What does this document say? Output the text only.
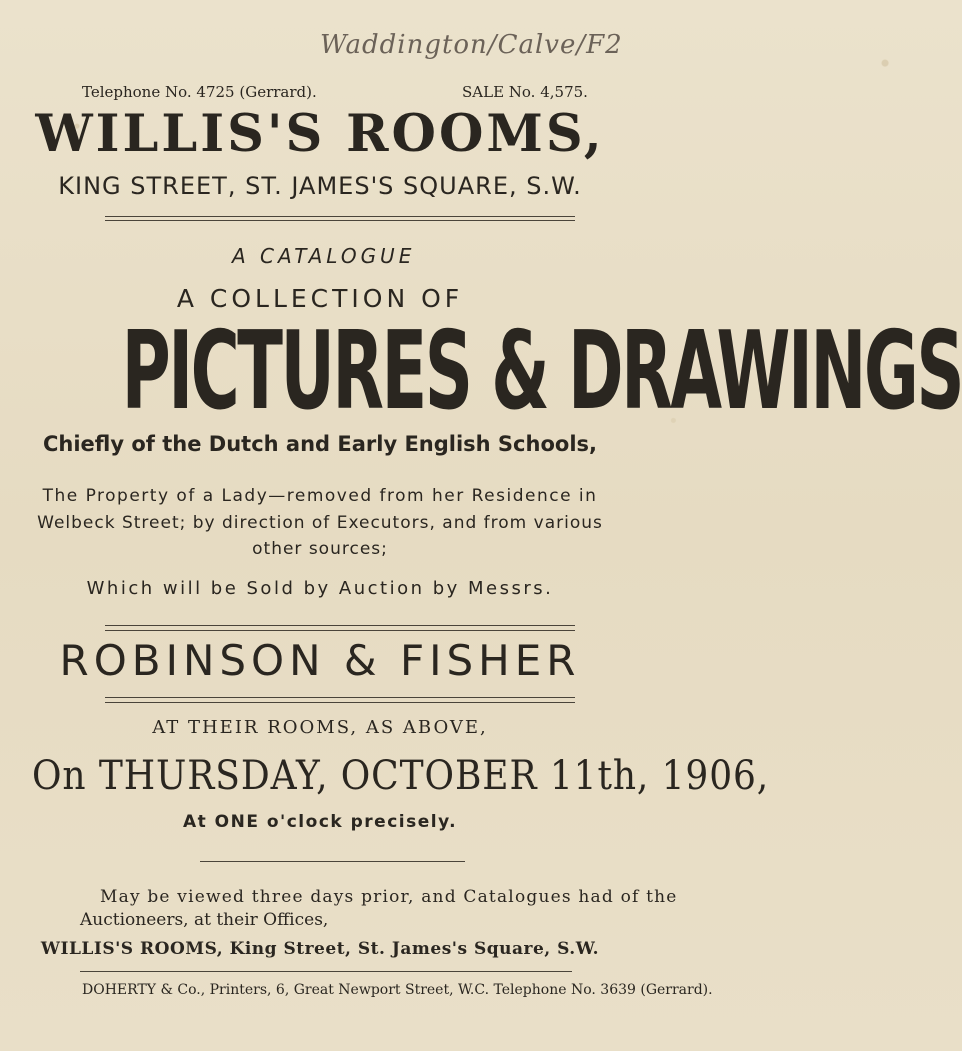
Waddington/Calve/F2
Telephone No. 4725 (Gerrard).	SALE No. 4,575.
WILLIS'S ROOMS,
KING STREET, ST. JAMES'S SQUARE, S.W.
A CATALOGUE
A COLLECTION OF
PICTURES & DRAWINGS
Chiefly of the Dutch and Early English Schools,
The Property of a Lady—removed from her Residence in
Welbeck Street; by direction of Executors, and from various
other sources;
Which will be Sold by Auction by Messrs.
ROBINSON & FISHER
AT THEIR ROOMS, AS ABOVE,
On THURSDAY, OCTOBER 11th, 1906,
At ONE o'clock precisely.
May be viewed three days prior, and Catalogues had of the
Auctioneers, at their Offices,
WILLIS'S ROOMS, King Street, St. James's Square, S.W.
DOHERTY & Co., Printers, 6, Great Newport Street, W.C. Telephone No. 3639 (Gerrard).
